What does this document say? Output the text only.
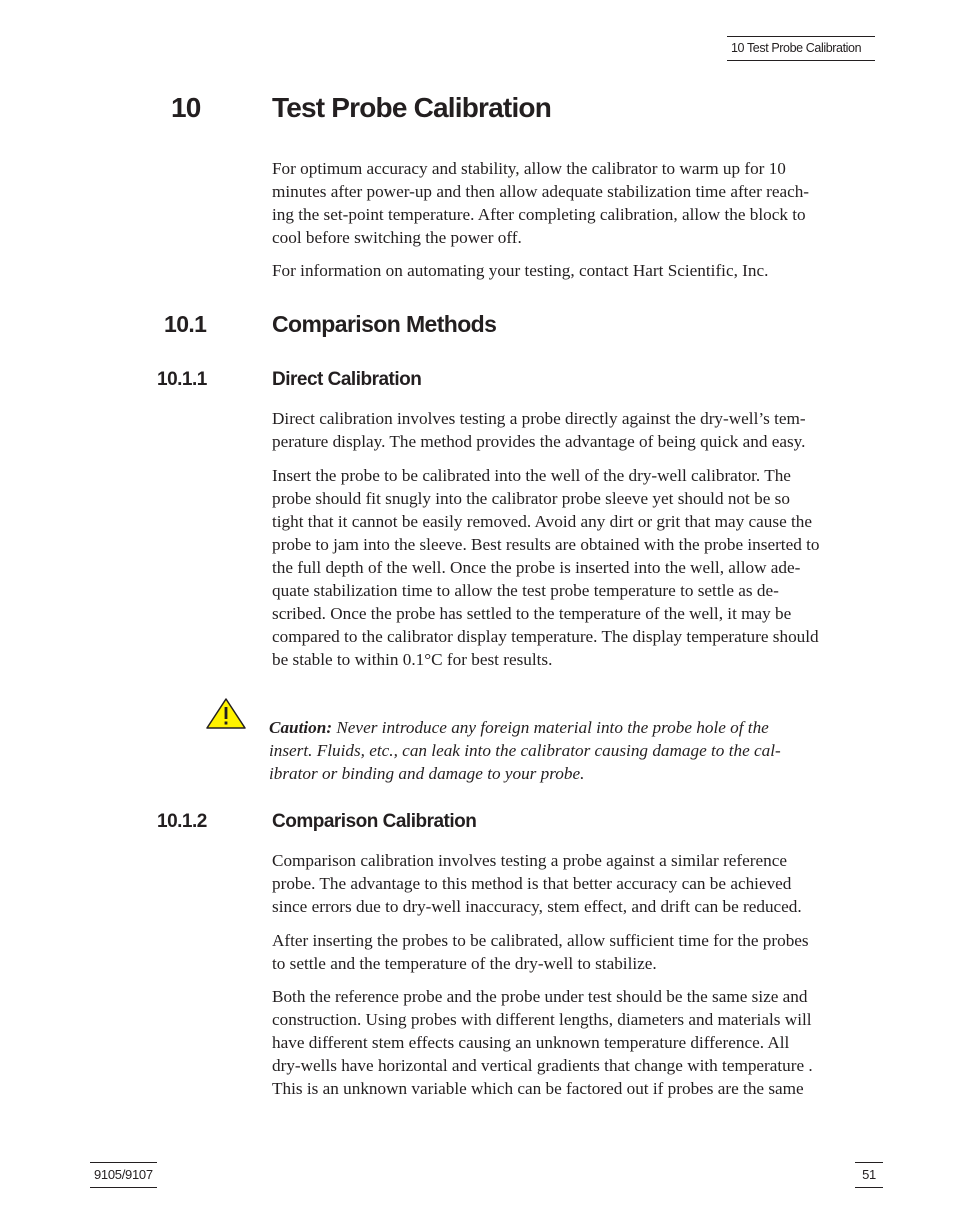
10 Test Probe Calibration
10	Test Probe Calibration
For optimum accuracy and stability, allow the calibrator to warm up for 10
minutes after power-up and then allow adequate stabilization time after reach-
ing the set-point temperature. After completing calibration, allow the block to
cool before switching the power off.
For information on automating your testing, contact Hart Scientific, Inc.
10.1	Comparison Methods
10.1.1	Direct Calibration
Direct calibration involves testing a probe directly against the dry-well’s tem-
perature display. The method provides the advantage of being quick and easy.
Insert the probe to be calibrated into the well of the dry-well calibrator. The
probe should fit snugly into the calibrator probe sleeve yet should not be so
tight that it cannot be easily removed. Avoid any dirt or grit that may cause the
probe to jam into the sleeve. Best results are obtained with the probe inserted to
the full depth of the well. Once the probe is inserted into the well, allow ade-
quate stabilization time to allow the test probe temperature to settle as de-
scribed. Once the probe has settled to the temperature of the well, it may be
compared to the calibrator display temperature. The display temperature should
be stable to within 0.1°C for best results.
Caution: Never introduce any foreign material into the probe hole of the
insert. Fluids, etc., can leak into the calibrator causing damage to the cal-
ibrator or binding and damage to your probe.
10.1.2	Comparison Calibration
Comparison calibration involves testing a probe against a similar reference
probe. The advantage to this method is that better accuracy can be achieved
since errors due to dry-well inaccuracy, stem effect, and drift can be reduced.
After inserting the probes to be calibrated, allow sufficient time for the probes
to settle and the temperature of the dry-well to stabilize.
Both the reference probe and the probe under test should be the same size and
construction. Using probes with different lengths, diameters and materials will
have different stem effects causing an unknown temperature difference. All
dry-wells have horizontal and vertical gradients that change with temperature .
This is an unknown variable which can be factored out if probes are the same
9105/9107	51
